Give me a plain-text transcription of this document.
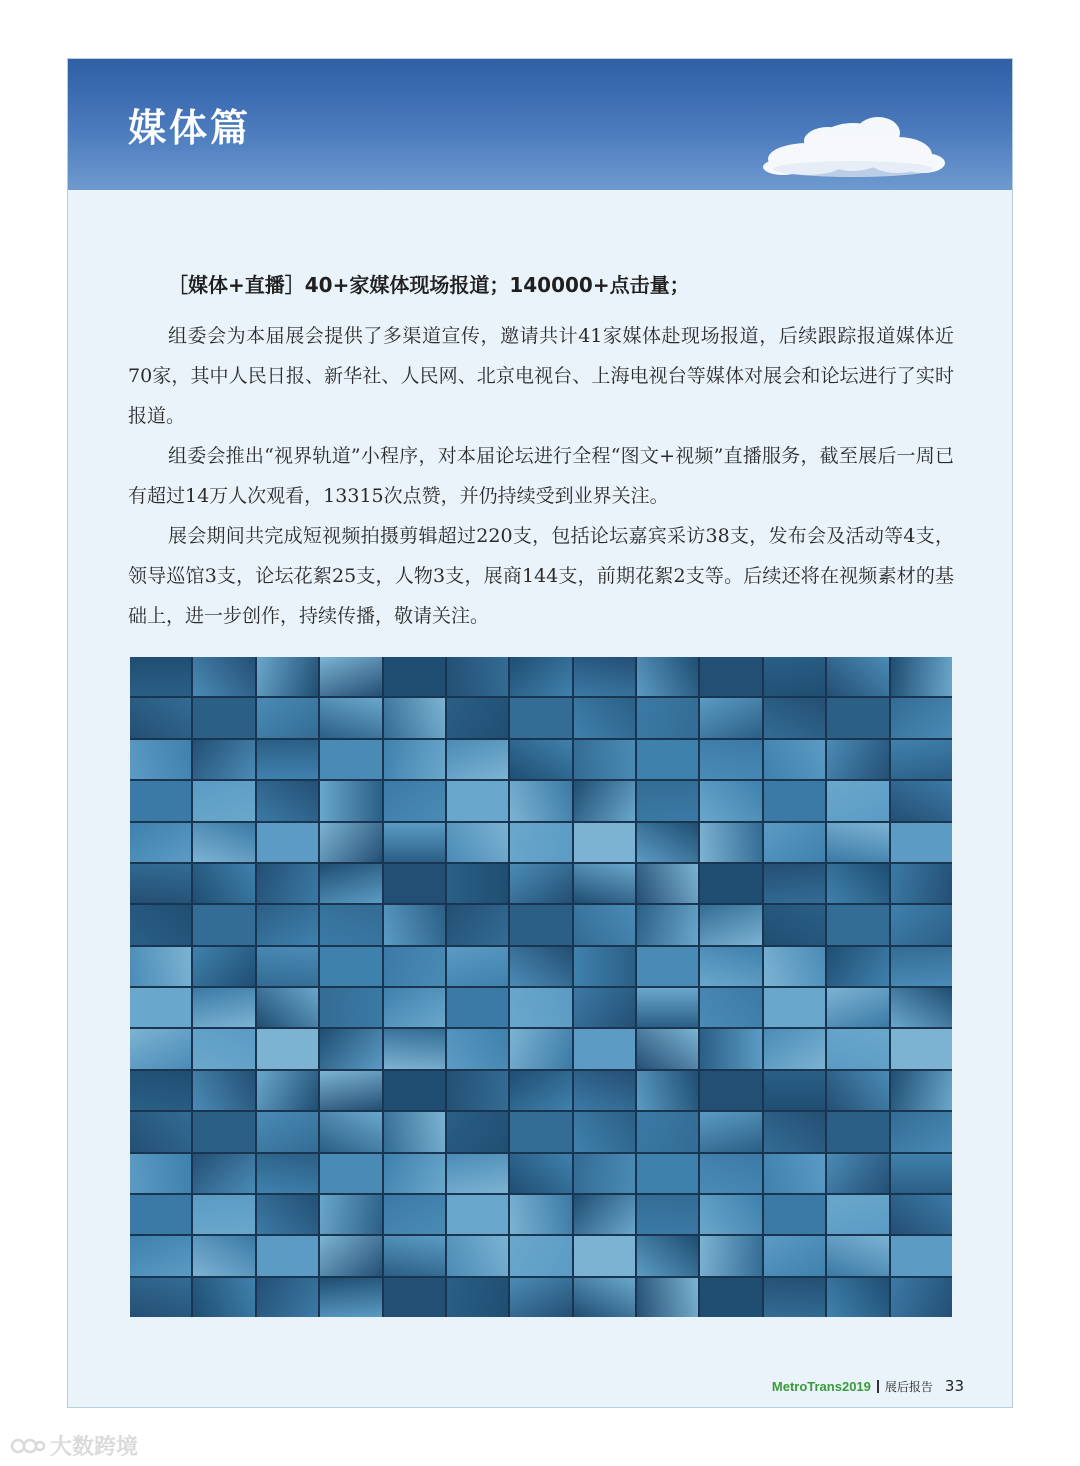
媒体篇

［媒体+直播］40+家媒体现场报道；140000+点击量；

组委会为本届展会提供了多渠道宣传，邀请共计41家媒体赴现场报道，后续跟踪报道媒体近70家，其中人民日报、新华社、人民网、北京电视台、上海电视台等媒体对展会和论坛进行了实时报道。

组委会推出“视界轨道”小程序，对本届论坛进行全程“图文+视频”直播服务，截至展后一周已有超过14万人次观看，13315次点赞，并仍持续受到业界关注。

展会期间共完成短视频拍摄剪辑超过220支，包括论坛嘉宾采访38支，发布会及活动等4支，领导巡馆3支，论坛花絮25支，人物3支，展商144支，前期花絮2支等。后续还将在视频素材的基础上，进一步创作，持续传播，敬请关注。

MetroTrans2019 展后报告 33
大数跨境
